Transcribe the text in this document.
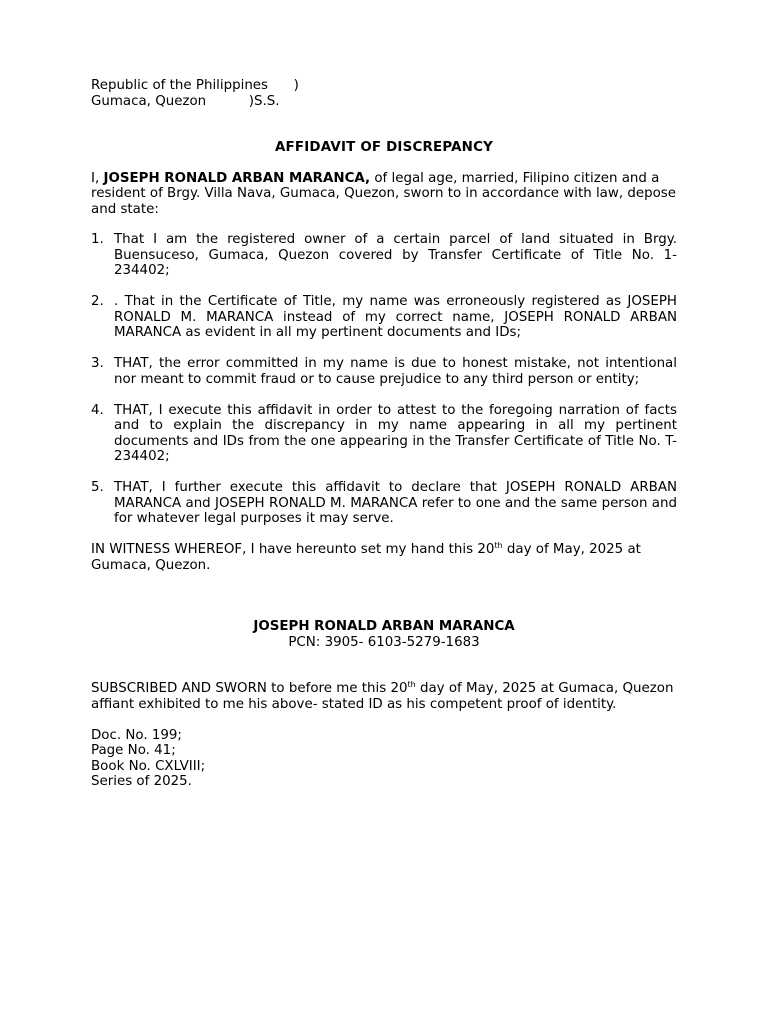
Republic of the Philippines      )

Gumaca, Quezon          )S.S.

AFFIDAVIT OF DISCREPANCY

I, JOSEPH RONALD ARBAN MARANCA, of legal age, married, Filipino citizen and a resident of Brgy. Villa Nava, Gumaca, Quezon, sworn to in accordance with law, depose and state:

1. That I am the registered owner of a certain parcel of land situated in Brgy. Buensuceso, Gumaca, Quezon covered by Transfer Certificate of Title No. 1- 234402;
2. . That in the Certificate of Title, my name was erroneously registered as JOSEPH RONALD M. MARANCA instead of my correct name, JOSEPH RONALD ARBAN MARANCA as evident in all my pertinent documents and IDs;
3. THAT, the error committed in my name is due to honest mistake, not intentional nor meant to commit fraud or to cause prejudice to any third person or entity;
4. THAT, I execute this affidavit in order to attest to the foregoing narration of facts and to explain the discrepancy in my name appearing in all my pertinent documents and IDs from the one appearing in the Transfer Certificate of Title No. T-234402;
5. THAT, I further execute this affidavit to declare that JOSEPH RONALD ARBAN MARANCA and JOSEPH RONALD M. MARANCA refer to one and the same person and for whatever legal purposes it may serve.

IN WITNESS WHEREOF, I have hereunto set my hand this 20th day of May, 2025 at Gumaca, Quezon.

JOSEPH RONALD ARBAN MARANCA
PCN: 3905- 6103-5279-1683

SUBSCRIBED AND SWORN to before me this 20th day of May, 2025 at Gumaca, Quezon affiant exhibited to me his above- stated ID as his competent proof of identity.

Doc. No. 199;
Page No. 41;
Book No. CXLVIII;
Series of 2025.
